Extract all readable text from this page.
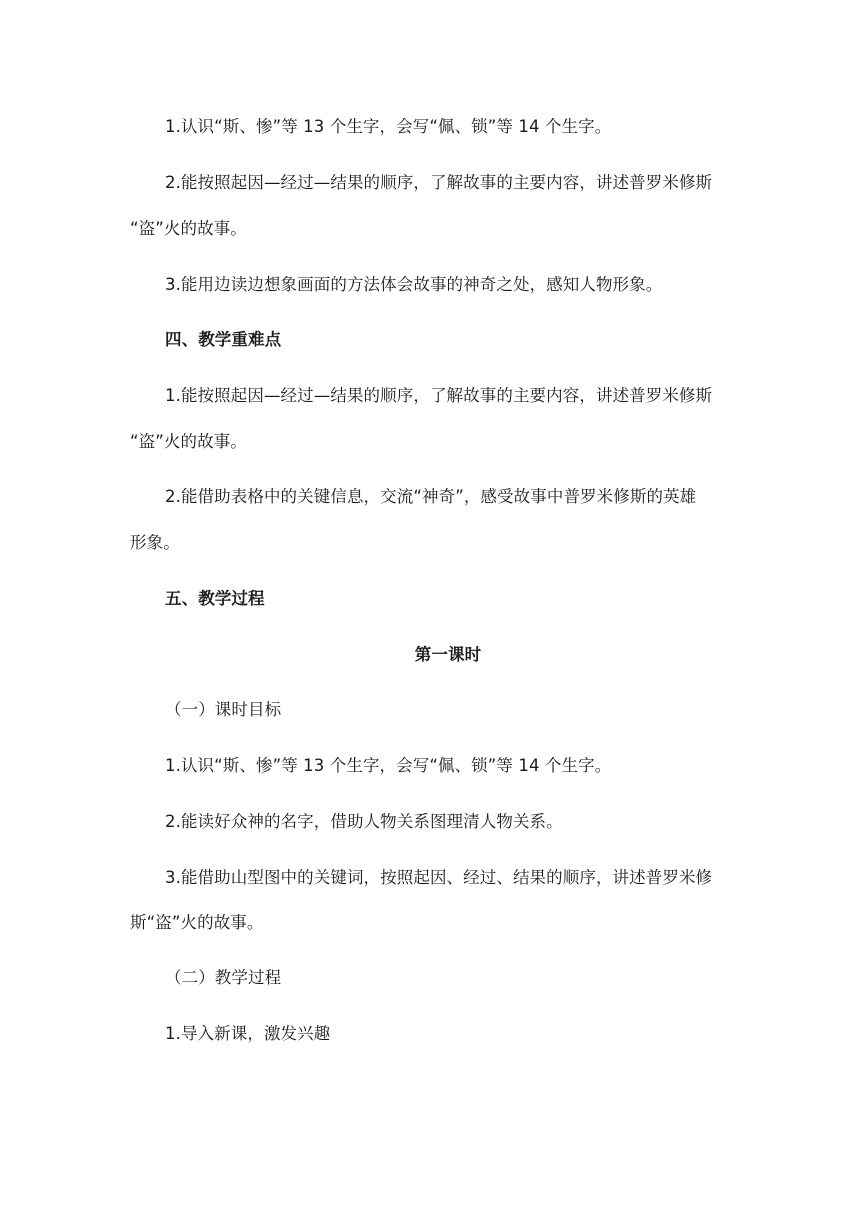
1.认识“斯、惨”等 13 个生字，会写“佩、锁”等 14 个生字。

2.能按照起因—经过—结果的顺序，了解故事的主要内容，讲述普罗米修斯

“盗”火的故事。

3.能用边读边想象画面的方法体会故事的神奇之处，感知人物形象。

四、教学重难点

1.能按照起因—经过—结果的顺序，了解故事的主要内容，讲述普罗米修斯

“盗”火的故事。

2.能借助表格中的关键信息，交流“神奇”，感受故事中普罗米修斯的英雄

形象。

五、教学过程

第一课时

（一）课时目标

1.认识“斯、惨”等 13 个生字，会写“佩、锁”等 14 个生字。

2.能读好众神的名字，借助人物关系图理清人物关系。

3.能借助山型图中的关键词，按照起因、经过、结果的顺序，讲述普罗米修

斯“盗”火的故事。

（二）教学过程

1.导入新课，激发兴趣
